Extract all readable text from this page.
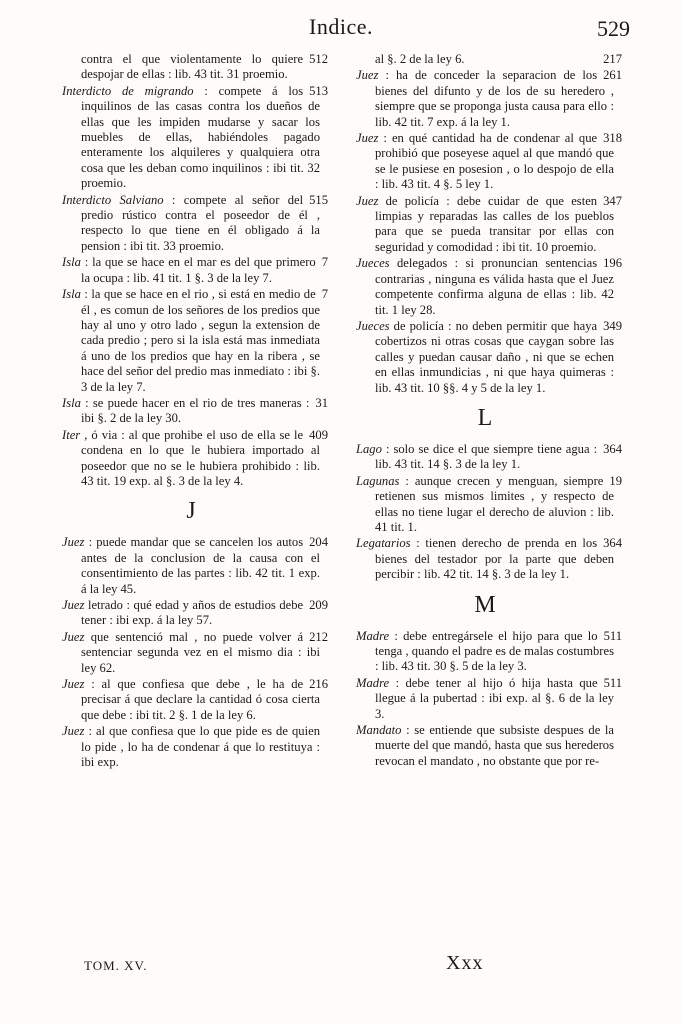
Indice.	529
512
contra el que violentamente lo quiere despojar de ellas : lib. 43 tit. 31 proemio.
513
Interdicto de migrando : compete á los inquilinos de las casas contra los dueños de ellas que les impiden mudarse y sacar los muebles de ellas, habiéndoles pagado enteramente los alquileres y qualquiera otra cosa que les deban como inquilinos : ibi tit. 32 proemio.
515
Interdicto Salviano : compete al señor del predio rústico contra el poseedor de él , respecto lo que tiene en él obligado á la pension : ibi tit. 33 proemio.
7
Isla : la que se hace en el mar es del que primero la ocupa : lib. 41 tit. 1 §. 3 de la ley 7.
7
Isla : la que se hace en el rio , si está en medio de él , es comun de los señores de los predios que hay al uno y otro lado , segun la extension de cada predio ; pero si la isla está mas inmediata á uno de los predios que hay en la ribera , se hace del señor del predio mas inmediato : ibi §. 3 de la ley 7.
31
Isla : se puede hacer en el rio de tres maneras : ibi §. 2 de la ley 30.
409
Iter , ó via : al que prohibe el uso de ella se le condena en lo que le hubiera importado al poseedor que no se le hubiera prohibido : lib. 43 tit. 19 exp. al §. 3 de la ley 4.
J
204
Juez : puede mandar que se cancelen los autos antes de la conclusion de la causa con el consentimiento de las partes : lib. 42 tit. 1 exp. á la ley 45.
209
Juez letrado : qué edad y años de estudios debe tener : ibi exp. á la ley 57.
212
Juez que sentenció mal , no puede volver á sentenciar segunda vez en el mismo dia : ibi ley 62.
216
Juez : al que confiesa que debe , le ha de precisar á que declare la cantidad ó cosa cierta que debe : ibi tit. 2 §. 1 de la ley 6.
Juez : al que confiesa que lo que pide es de quien lo pide , lo ha de condenar á que lo restituya : ibi exp.
217
al §. 2 de la ley 6.
261
Juez : ha de conceder la separacion de los bienes del difunto y de los de su heredero , siempre que se proponga justa causa para ello : lib. 42 tit. 7 exp. á la ley 1.
318
Juez : en qué cantidad ha de condenar al que prohibió que poseyese aquel al que mandó que se le pusiese en posesion , o lo despojo de ella : lib. 43 tit. 4 §. 5 ley 1.
347
Juez de policía : debe cuidar de que esten limpias y reparadas las calles de los pueblos para que se pueda transitar por ellas con seguridad y comodidad : ibi tit. 10 proemio.
196
Jueces delegados : si pronuncian sentencias contrarias , ninguna es válida hasta que el Juez competente confirma alguna de ellas : lib. 42 tit. 1 ley 28.
349
Jueces de policía : no deben permitir que haya cobertizos ni otras cosas que caygan sobre las calles y puedan causar daño , ni que se echen en ellas inmundicias , ni que haya quimeras : lib. 43 tit. 10 §§. 4 y 5 de la ley 1.
L
364
Lago : solo se dice el que siempre tiene agua : lib. 43 tit. 14 §. 3 de la ley 1.
19
Lagunas : aunque crecen y menguan, siempre retienen sus mismos limites , y respecto de ellas no tiene lugar el derecho de aluvion : lib. 41 tit. 1.
364
Legatarios : tienen derecho de prenda en los bienes del testador por la parte que deben percibir : lib. 42 tit. 14 §. 3 de la ley 1.
M
511
Madre : debe entregársele el hijo para que lo tenga , quando el padre es de malas costumbres : lib. 43 tit. 30 §. 5 de la ley 3.
511
Madre : debe tener al hijo ó hija hasta que llegue á la pubertad : ibi exp. al §. 6 de la ley 3.
Mandato : se entiende que subsiste despues de la muerte del que mandó, hasta que sus herederos revocan el mandato , no obstante que por re-
TOM. XV.	Xxx
